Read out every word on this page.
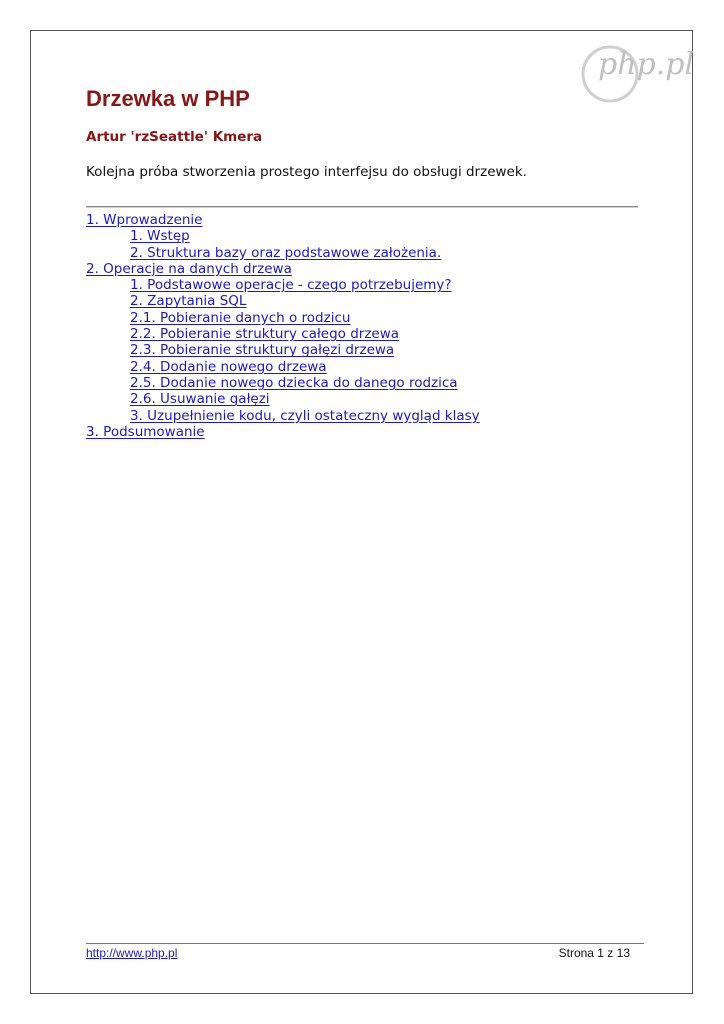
php.pl
Drzewka w PHP
Artur 'rzSeattle' Kmera
Kolejna próba stworzenia prostego interfejsu do obsługi drzewek.
1. Wprowadzenie
1. Wstęp
2. Struktura bazy oraz podstawowe założenia.
2. Operacje na danych drzewa
1. Podstawowe operacje - czego potrzebujemy?
2. Zapytania SQL
2.1. Pobieranie danych o rodzicu
2.2. Pobieranie struktury całego drzewa
2.3. Pobieranie struktury gałęzi drzewa
2.4. Dodanie nowego drzewa
2.5. Dodanie nowego dziecka do danego rodzica
2.6. Usuwanie gałęzi
3. Uzupełnienie kodu, czyli ostateczny wygląd klasy
3. Podsumowanie
http://www.php.pl	Strona 1 z 13
